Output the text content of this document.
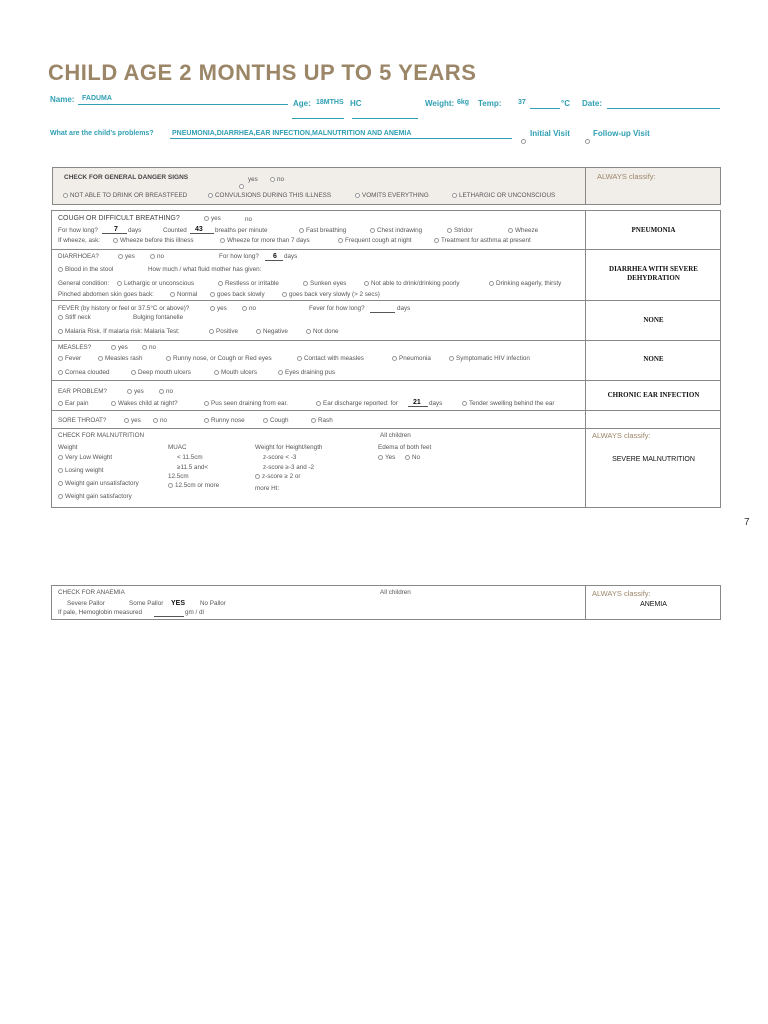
CHILD AGE 2 MONTHS UP TO 5 YEARS
Name: FADUMA
Age: 18MTHS HC	Weight: 6kg Temp: 37	°C Date:
What are the child’s problems?	PNEUMONIA,DIARRHEA,EAR INFECTION,MALNUTRITION AND ANEMIA	Initial Visit	Follow-up Visit
CHECK FOR GENERAL DANGER SIGNS	yes	no	ALWAYS classify:
NOT ABLE TO DRINK OR BREASTFEED	CONVULSIONS DURING THIS ILLNESS	VOMITS EVERYTHING	LETHARGIC OR UNCONSCIOUS
COUGH OR DIFFICULT BREATHING?	yes	no
For how long? 7 days	Counted 43 breaths per minute	Fast breathing	Chest indrawing	Stridor	Wheeze
If wheeze, ask:	Wheeze before this illness	Wheeze for more than 7 days	Frequent cough at night	Treatment for asthma at present
PNEUMONIA
DIARRHOEA?	yes	no	For how long? 6 days
Blood in the stool	How much / what fluid mother has given:
General condition:	Lethargic or unconscious	Restless or irritable	Sunken eyes	Not able to drink/drinking poorly	Drinking eagerly, thirsty
Pinched abdomen skin goes back:	Normal	goes back slowly	goes back very slowly (> 2 secs)
DIARRHEA WITH SEVERE DEHYDRATION
FEVER (by history or feel or 37.5°C or above)?	yes	no	Fever for how long?	days
Stiff neck	Bulging fontanelle
Malaria Risk. If malaria risk: Malaria Test:	Positive	Negative	Not done
NONE
MEASLES?	yes	no
Fever	Measles rash	Runny nose, or Cough or Red eyes	Contact with measles	Pneumonia	Symptomatic HIV infection
Cornea clouded	Deep mouth ulcers	Mouth ulcers	Eyes draining pus
NONE
EAR PROBLEM?	yes	no
Ear pain	Wakes child at night?	Pus seen draining from ear.	Ear discharge reported: for 21 days	Tender swelling behind the ear
CHRONIC EAR INFECTION
SORE THROAT?	yes	no	Runny nose	Cough	Rash
CHECK FOR MALNUTRITION	All children	ALWAYS classify:
Weight
Very Low Weight
Losing weight
Weight gain unsatisfactory
Weight gain satisfactory
MUAC
< 11.5cm
≥11.5 and<
12.5cm
12.5cm or more
Weight for Height/length
z-score < -3
z-score ≥-3 and -2
z-score ≥ 2 or
more Ht:
Edema of both feet
Yes	No	SEVERE MALNUTRITION
7
CHECK FOR ANAEMIA	All children	ALWAYS classify:
Severe Pallor	Some Pallor YES No Pallor
If pale, Hemoglobin measured	gm / dl
ANEMIA
